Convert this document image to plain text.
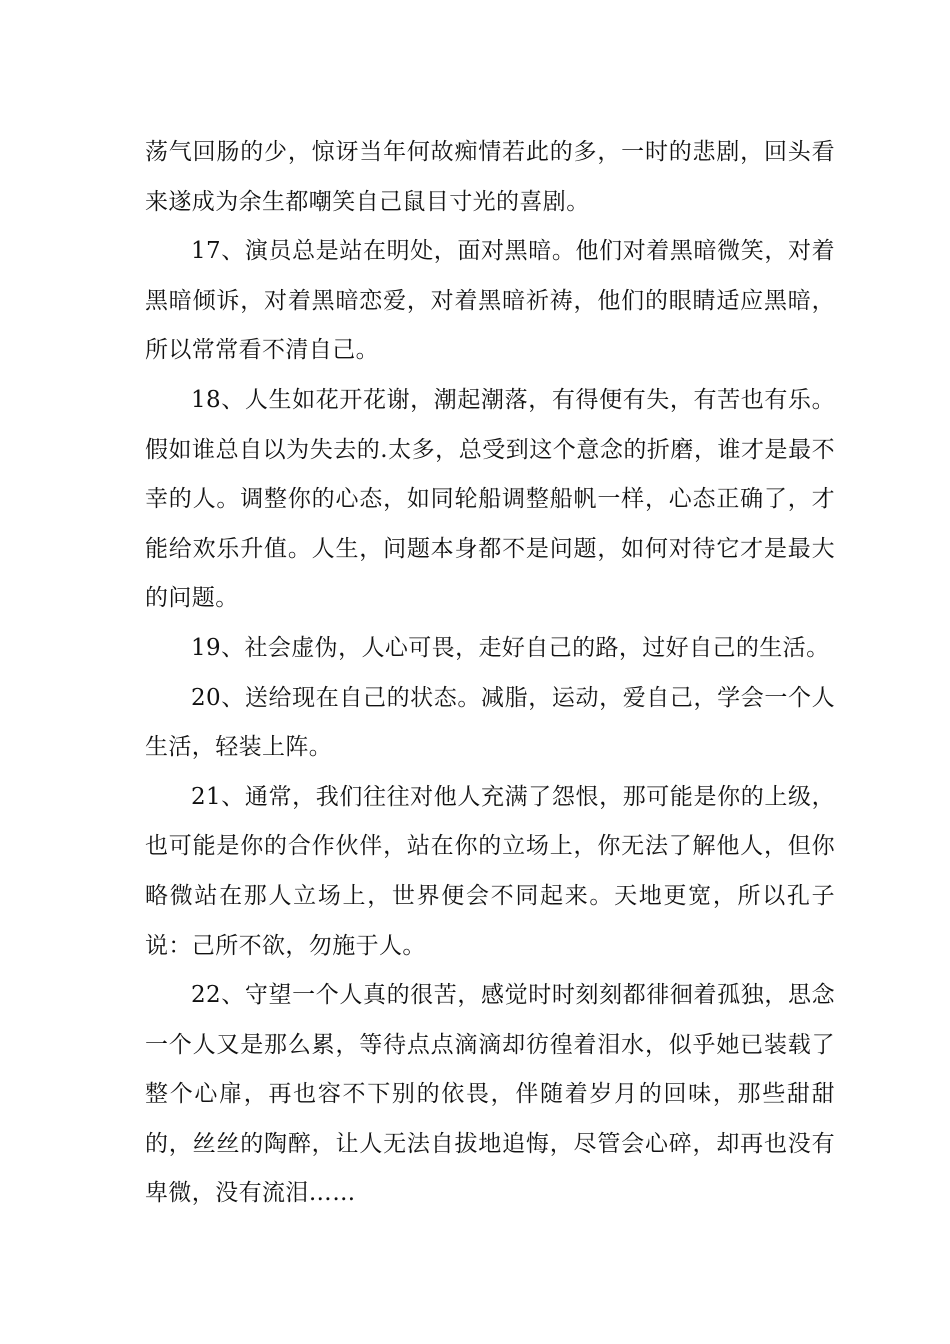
荡气回肠的少，惊讶当年何故痴情若此的多，一时的悲剧，回头看来遂成为余生都嘲笑自己鼠目寸光的喜剧。

17、演员总是站在明处，面对黑暗。他们对着黑暗微笑，对着黑暗倾诉，对着黑暗恋爱，对着黑暗祈祷，他们的眼睛适应黑暗，所以常常看不清自己。

18、人生如花开花谢，潮起潮落，有得便有失，有苦也有乐。假如谁总自以为失去的.太多，总受到这个意念的折磨，谁才是最不幸的人。调整你的心态，如同轮船调整船帆一样，心态正确了，才能给欢乐升值。人生，问题本身都不是问题，如何对待它才是最大的问题。

19、社会虚伪，人心可畏，走好自己的路，过好自己的生活。

20、送给现在自己的状态。减脂，运动，爱自己，学会一个人生活，轻装上阵。

21、通常，我们往往对他人充满了怨恨，那可能是你的上级，也可能是你的合作伙伴，站在你的立场上，你无法了解他人，但你略微站在那人立场上，世界便会不同起来。天地更宽，所以孔子说：己所不欲，勿施于人。

22、守望一个人真的很苦，感觉时时刻刻都徘徊着孤独，思念一个人又是那么累，等待点点滴滴却彷徨着泪水，似乎她已装载了整个心扉，再也容不下别的依畏，伴随着岁月的回味，那些甜甜的，丝丝的陶醉，让人无法自拔地追悔，尽管会心碎，却再也没有卑微，没有流泪……
